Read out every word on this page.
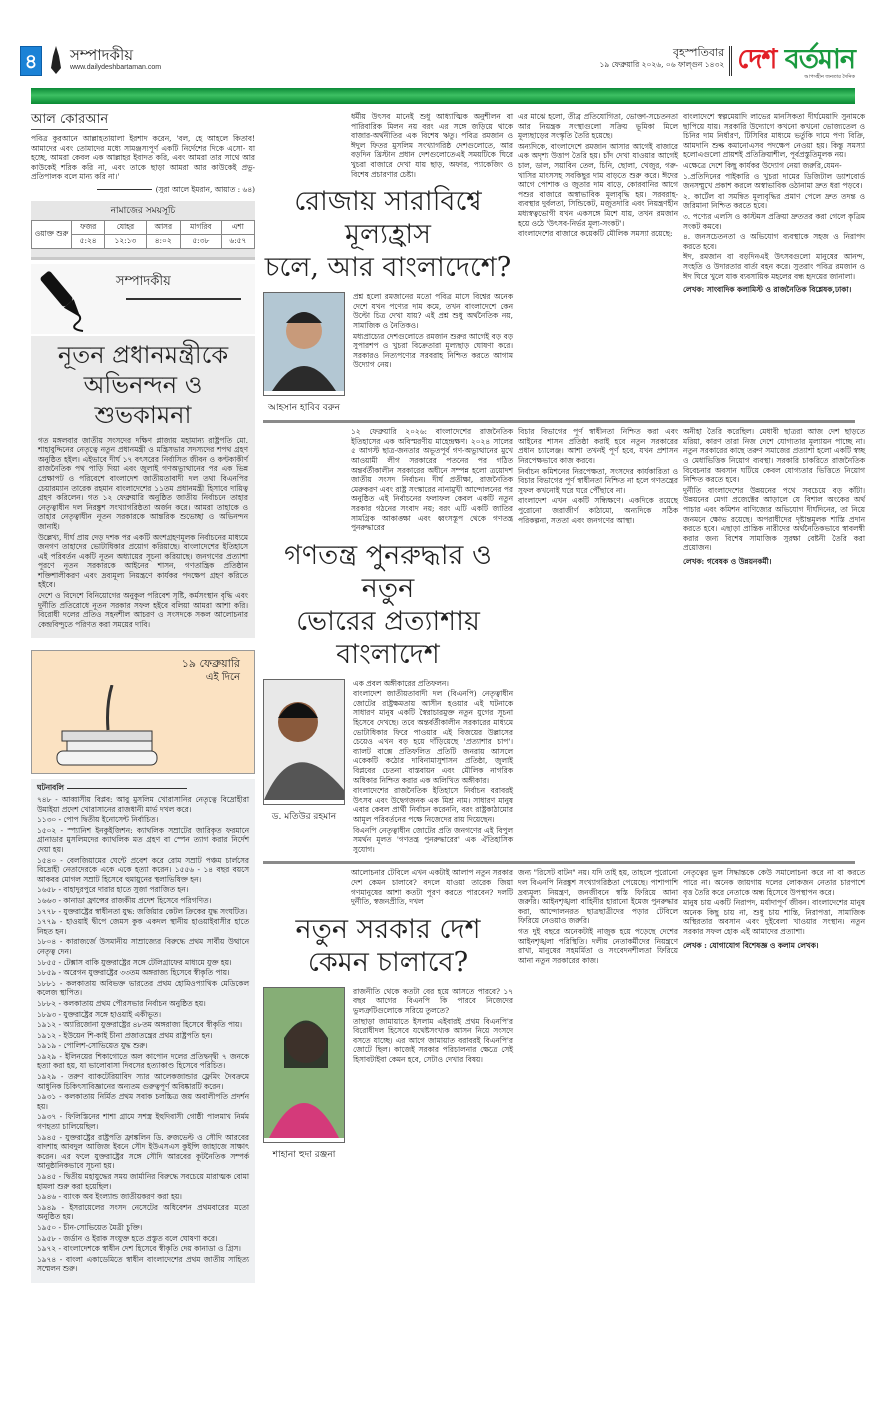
৪	সম্পাদকীয়
www.dailydeshbartaman.com
বৃহস্পতিবার
১৯ ফেব্রুয়ারি ২০২৬, ০৬ ফাল্গুন ১৪৩২ দেশ বর্তমান
আপসহীন জনতার দৈনিক
আল কোরআন
পবিত্র কুরআনে আল্লাহতায়ালা ইরশাদ করেন, 'বল, হে আহলে কিতাব! আমাদের এবং তোমাদের মধ্যে সামঞ্জস্যপূর্ণ একটি নির্দেশের দিকে এসো- যা হচ্ছে, আমরা কেবল এক আল্লাহর ইবাদত করি, এবং আমরা তার সাথে আর কাউকেই শরিক করি না, এবং তাকে ছাড়া আমরা আর কাউকেই প্রভু-প্রতিপালক বলে মান্য করি না।'
(সুরা আলে ইমরান, আয়াত : ৬৪)
নামাজের সময়সূচি
ওয়াক্ত শুরু	ফজর	যোহর	আসর	মাগরিব	এশা
	৫:২৪	১২:১৩	৪:০২	৫:৩৮	৬:৫৭
সম্পাদকীয়
নূতন প্রধানমন্ত্রীকে
অভিনন্দন ও শুভকামনা

গত মঙ্গলবার জাতীয় সংসদের দক্ষিণ প্লাজায় মহামান্য রাষ্ট্রপতি মো. শাহাবুদ্দিনের নেতৃত্বে নতুন প্রধানমন্ত্রী ও মন্ত্রিসভার সদস্যদের শপথ গ্রহণ অনুষ্ঠিত হইল। এইভাবে দীর্ঘ ১৭ বৎসরের নির্বাসিত জীবন ও কণ্টকাকীর্ণ রাজনৈতিক পথ পাড়ি দিয়া এবং জুলাই গণঅভ্যুত্থানের পর এক ভিন্ন প্রেক্ষাপট ও পরিবেশে বাংলাদেশ জাতীয়তাবাদী দল তথা বিএনপির চেয়ারম্যান তারেক রহমান বাংলাদেশের ১১তম প্রধানমন্ত্রী হিসাবে দায়িত্ব গ্রহণ করিলেন। গত ১২ ফেব্রুয়ারি অনুষ্ঠিত জাতীয় নির্বাচনে তাহার নেতৃত্বাধীন দল নিরঙ্কুশ সংখ্যাগরিষ্ঠতা অর্জন করে। আমরা তাহাকে ও তাহার নেতৃত্বাধীন নূতন সরকারকে আন্তরিক শুভেচ্ছা ও অভিনন্দন জানাই।

উল্লেখ্য, দীর্ঘ প্রায় দেড় দশক পর একটি অংশগ্রহণমূলক নির্বাচনের মাধ্যমে জনগণ তাহাদের ভোটাধিকার প্রয়োগ করিয়াছে। বাংলাদেশের ইতিহাসে এই পরিবর্তন একটি নূতন অধ্যায়ের সূচনা করিয়াছে। জনগণের প্রত্যাশা পূরণে নূতন সরকারকে আইনের শাসন, গণতান্ত্রিক প্রতিষ্ঠান শক্তিশালীকরণ এবং দ্রব্যমূল্য নিয়ন্ত্রণে কার্যকর পদক্ষেপ গ্রহণ করিতে হইবে।

দেশে ও বিদেশে বিনিয়োগের অনুকূল পরিবেশ সৃষ্টি, কর্মসংস্থান বৃদ্ধি এবং দুর্নীতি প্রতিরোধে নূতন সরকার সফল হইবে বলিয়া আমরা আশা করি। বিরোধী দলের প্রতিও সহনশীল আচরণ ও সংসদকে সকল আলোচনার কেন্দ্রবিন্দুতে পরিণত করা সময়ের দাবি।

১৯ ফেব্রুয়ারি
এই দিনে
ঘটনাবলি

৭৪৮ - আব্বাসীয় বিপ্লব: আবু মুসলিম খোরাসানির নেতৃত্বে বিদ্রোহীরা উমাইয়া প্রদেশ খোরাসানের রাজধানী মার্ভ দখল করে।

১১৩০ - পোপ দ্বিতীয় ইনোসেন্ট নির্বাচিত।

১৫০২ - স্প্যানিশ ইনকুইজিশন: ক্যাথলিক সম্রাটের জারিকৃত ফরমানে গ্রানাডার মুসলিমদের ক্যাথলিক মত গ্রহণ বা স্পেন ত্যাগ করার নির্দেশ দেয়া হয়।

১৫৪০ - বেলজিয়ামের ঘেন্টে প্রবেশ করে রোম সম্রাট পঞ্চম চার্লসের বিদ্রোহী নেতাদেরকে একে একে হত্যা করেন। ১৫৫৬ - ১৪ বছর বয়সে আকবর মোগল সম্রাট হিসেবে হুমায়ুনের স্থলাভিষিক্ত হন।

১৬৫৮ - বাহাদুরপুরে দারার হাতে সুজা পরাজিত হন।

১৬৬৩ - কানাডা ফ্রান্সের রাজকীয় প্রদেশ হিসেবে পরিগণিত।

১৭৭৮ - যুক্তরাষ্ট্রের স্বাধীনতা যুদ্ধ: জর্জিয়ার কেটল ক্রিকের যুদ্ধ সংঘটিত।

১৭৭৯ - হাওয়াই দ্বীপে জেমস কুক একদল স্থানীয় হাওয়াইবাসীর হাতে নিহত হন।

১৮০৪ - কারাজর্জে উসমানীয় সাম্রাজ্যের বিরুদ্ধে প্রথম সার্বীয় উত্থানে নেতৃত্ব দেন।

১৮৫৫ - টেক্সাস বাকি যুক্তরাষ্ট্রের সঙ্গে টেলিগ্রাফের মাধ্যমে যুক্ত হয়।

১৮৫৯ - অরেগন যুক্তরাষ্ট্রের ৩৩তম অঙ্গরাজ্য হিসেবে স্বীকৃতি পায়।

১৮৮১ - কলকাতায় অবিভক্ত ভারতের প্রথম হোমিওপ্যাথিক মেডিকেল কলেজ স্থাপিত।

১৮৮২ - কলকাতায় প্রথম পৌরসভার নির্বাচন অনুষ্ঠিত হয়।

১৮৯৩ - যুক্তরাষ্ট্রের সঙ্গে হাওয়াই একীভূত।

১৯১২ - অ্যারিজোনা যুক্তরাষ্ট্রের ৪৮তম অঙ্গরাজ্য হিসেবে স্বীকৃতি পায়।

১৯১২ - ইউয়েন শি-কাই চীনা প্রজাতন্ত্রের প্রথম রাষ্ট্রপতি হন।

১৯১৯ - পোলিশ-সোভিয়েত যুদ্ধ শুরু।

১৯২৯ - ইলিনয়ের শিকাগোতে অল কাপোন দলের প্রতিদ্বন্দ্বী ৭ জনকে হত্যা করা হয়, যা ভালোবাসা দিবসের হত্যাকাণ্ড হিসেবে পরিচিত।

১৯২৯ - তরুণ ব্যাকটেরিয়াবিদ স্যার আলেকজান্ডার ফ্লেমিং দৈবক্রমে আধুনিক চিকিৎসাবিজ্ঞানের অন্যতম গুরুত্বপূর্ণ অবিষ্কারটি করেন।

১৯৩১ - কলকাতায় নির্মিত প্রথম সবাক চলচ্চিত্র জয় অবালীপতি প্রদর্শন হয়।

১৯৩৭ - ফিলিস্তিনের শাশা গ্রামে সশস্ত্র ইহুদিবাসী গোষ্ঠী পালমাখ নির্মম গণহত্যা চালিয়েছিল।

১৯৪৫ - যুক্তরাষ্ট্রের রাষ্ট্রপতি ফ্রাঙ্কলিন ডি. রুজভেল্ট ও সৌদি আরবের বাদশাহ আবদুল আজিজ ইবনে সৌদ ইউএসএস কুইন্সি জাহাজে সাক্ষাৎ করেন। এর ফলে যুক্তরাষ্ট্রের সঙ্গে সৌদি আরবের কূটনৈতিক সম্পর্ক আনুষ্ঠানিকভাবে সূচনা হয়।

১৯৪৫ - দ্বিতীয় মহাযুদ্ধের সময় জার্মানির বিরুদ্ধে সবচেয়ে মারাত্মক বোমা হামলা শুরু করা হয়েছিল।

১৯৪৬ - ব্যাংক অব ইংল্যান্ড জাতীয়করণ করা হয়।

১৯৪৯ - ইসরায়েলের সংসদ নেসেটের অধিবেশন প্রথমবারের মতো অনুষ্ঠিত হয়।

১৯৫০ - চীন-সোভিয়েত মৈত্রী চুক্তি।

১৯৫৮ - জর্ডান ও ইরাক সংযুক্ত হতে প্রস্তুত বলে ঘোষণা করে।

১৯৭২ - বাংলাদেশকে স্বাধীন দেশ হিসেবে স্বীকৃতি দেয় কানাডা ও গ্রিস।

১৯৭৪ - বাংলা একাডেমিতে স্বাধীন বাংলাদেশের প্রথম জাতীয় সাহিত্য সম্মেলন শুরু।

ধর্মীয় উৎসব মানেই শুধু আধ্যাত্মিক অনুশীলন বা পারিবারিক মিলন নয় বরং এর সঙ্গে জড়িয়ে থাকে বাজার-অর্থনীতির এক বিশেষ ঋতু। পবিত্র রমজান ও ঈদুল ফিতর মুসলিম সংখ্যাগরিষ্ঠ দেশগুলোতে, আর বড়দিন খ্রিস্টান প্রধান দেশগুলোতেএই সময়টিকে ঘিরে খুচরা বাজারে দেখা যায় ছাড়, অফার, প্যাকেজিং ও বিশেষ প্রচারণার চেষ্টা।

রোজায় সারাবিশ্বে মূল্যহ্রাস
চলে, আর বাংলাদেশে?
আহসান হাবিব বরুন

প্রশ্ন হলো রমজানের মতো পবিত্র মাসে বিশ্বের অনেক দেশে যখন পণ্যের দাম কমে, তখন বাংলাদেশে কেন উল্টো চিত্র দেখা যায়? এই প্রশ্ন শুধু অর্থনৈতিক নয়, সামাজিক ও নৈতিকও।

মধ্যপ্রাচ্যের দেশগুলোতে রমজান শুরুর আগেই বড় বড় সুপারশপ ও খুচরা বিক্রেতারা মূল্যছাড় ঘোষণা করে। সরকারও নিত্যপণ্যের সরবরাহ নিশ্চিত করতে আগাম উদ্যোগ নেয়।

এর মাঝে হলো, তীব্র প্রতিযোগিতা, ভোক্তা-সচেতনতা আর নিয়ন্ত্রক সংস্থাগুলো সক্রিয় ভূমিকা মিলে মূল্যছাড়ের সংস্কৃতি তৈরি হয়েছে।

অন্যদিকে, বাংলাদেশে রমজান আসার আগেই বাজারে এক অদৃশ্য উত্তাপ তৈরি হয়। চাঁদ দেখা যাওয়ার আগেই চাল, ডাল, সয়াবিন তেল, চিনি, ছোলা, খেজুর, গরু-খাসির মাংসসহ সবকিছুর দাম বাড়তে শুরু করে। ঈদের আগে পোশাক ও জুতার দাম বাড়ে, কোরবানির আগে পশুর বাজারে অস্বাভাবিক মূল্যবৃদ্ধি হয়। সরবরাহ-ব্যবস্থার দুর্বলতা, সিন্ডিকেট, মজুতদারি এবং নিয়ন্ত্রণহীন মধ্যস্বত্বভোগী যখন একসঙ্গে মিশে যায়, তখন রমজান হয়ে ওঠে 'উৎসব-নির্ভর মূল্য-সংকট'।

বাংলাদেশের বাজারে কয়েকটি মৌলিক সমস্যা রয়েছে:

বাংলাদেশে স্বল্পমেয়াদি লাভের মানসিকতা দীর্ঘমেয়াদি সুনামকে ছাপিয়ে যায়। সরকারি উদ্যোগে কখনো কখনো ভোজ্যতেল ও চিনির দাম নির্ধারণ, টিসিবির মাধ্যমে ভর্তুকি দামে পণ্য বিক্রি, আমদানি শুল্ক কমানোএসব পদক্ষেপ নেওয়া হয়। কিন্তু সমস্যা হলোএগুলো প্রায়শই প্রতিক্রিয়াশীল, পূর্বপ্রস্তুতিমূলক নয়।

এক্ষেত্রে দেশে কিছু কার্যকর উদ্যোগ নেয়া জরুরি,যেমন-

১.প্রতিদিনের পাইকারি ও খুচরা দামের ডিজিটাল ড্যাশবোর্ড জনসম্মুখে প্রকাশ করলে অস্বাভাবিক ওঠানামা দ্রুত ধরা পড়বে।

২. কার্টেল বা সমন্বিত মূল্যবৃদ্ধির প্রমাণ পেলে দ্রুত তদন্ত ও জরিমানা নিশ্চিত করতে হবে।

৩. পণ্যের এলসি ও কাস্টমস প্রক্রিয়া দ্রুততর করা গেলে কৃত্রিম সংকট কমবে।

৪. জনসচেতনতা ও অভিযোগ ব্যবস্থাকে সহজ ও নিরাপদ করতে হবে।

ঈদ, রমজান বা বড়দিনএই উৎসবগুলো মানুষের আনন্দ, সংহতি ও উদারতার বার্তা বহন করে। সুতরাং পবিত্র রমজান ও ঈদ ঘিরে খুলে যাক ব্যবসায়িক মহলের বন্ধ হৃদয়ের জানালা।

লেখক: সাংবাদিক কলামিস্ট ও রাজনৈতিক বিশ্লেষক,ঢাকা।

১২ ফেব্রুয়ারি ২০২৬: বাংলাদেশের রাজনৈতিক ইতিহাসের এক অবিস্মরণীয় মাহেন্দ্রক্ষণ। ২০২৪ সালের ৫ আগস্ট ছাত্র-জনতার অভূতপূর্ব গণ-অভ্যুত্থানের মুখে আওয়ামী লীগ সরকারের পতনের পর গঠিত অন্তর্বর্তীকালীন সরকারের অধীনে সম্পন্ন হলো ত্রয়োদশ জাতীয় সংসদ নির্বাচন। দীর্ঘ প্রতীক্ষা, রাজনৈতিক মেরুকরণ এবং রাষ্ট্র সংস্কারের নানামুখী আন্দোলনের পর অনুষ্ঠিত এই নির্বাচনের ফলাফল কেবল একটি নতুন সরকার গঠনের সংবাদ নয়; বরং এটি একটি জাতির সামগ্রিক আকাঙ্ক্ষা এবং ধ্বংসস্তূপ থেকে গণতন্ত্র পুনরুদ্ধারের

গণতন্ত্র পুনরুদ্ধার ও নতুন
ভোরের প্রত্যাশায় বাংলাদেশ
ড. মতিউর রহমান

এক প্রবল অঙ্গীকারের প্রতিফলন।

বাংলাদেশ জাতীয়তাবাদী দল (বিএনপি) নেতৃত্বাধীন জোটের রাষ্ট্রক্ষমতায় আসীন হওয়ার এই ঘটনাকে সাধারণ মানুষ একটি স্বৈরাচারমুক্ত নতুন যুগের সূচনা হিসেবে দেখছে। তবে অন্তর্বর্তীকালীন সরকারের মাধ্যমে ভোটাধিকার ফিরে পাওয়ার এই বিজয়ের উল্লাসের চেয়েও এখন বড় হয়ে দাঁড়িয়েছে 'প্রত্যাশার চাপ'। ব্যালট বাক্সে প্রতিফলিত প্রতিটি জনরায় আসলে একেকটি কঠোর দাবিনামাসুশাসন প্রতিষ্ঠা, জুলাই বিপ্লবের চেতনা বাস্তবায়ন এবং মৌলিক নাগরিক অধিকার নিশ্চিত করার এক অলিখিত অঙ্গীকার।

বাংলাদেশের রাজনৈতিক ইতিহাসে নির্বাচন বরাবরই উৎসব এবং উদ্বেগজনক এক মিশ্র নাম। সাধারণ মানুষ এবার কেবল প্রার্থী নির্বাচন করেননি, বরং রাষ্ট্রকাঠামোর আমূল পরিবর্তনের পক্ষে নিজেদের রায় দিয়েছেন।

বিএনপি নেতৃত্বাধীন জোটের প্রতি জনগণের এই বিপুল সমর্থন মূলত 'গণতন্ত্র পুনরুদ্ধারের' এক ঐতিহাসিক সুযোগ।

বিচার বিভাগের পূর্ণ স্বাধীনতা নিশ্চিত করা এবং আইনের শাসন প্রতিষ্ঠা করাই হবে নতুন সরকারের প্রধান চ্যালেঞ্জ। আশা তখনই পূর্ণ হবে, যখন প্রশাসন নিরপেক্ষভাবে কাজ করবে।

নির্বাচন কমিশনের নিরপেক্ষতা, সংসদের কার্যকারিতা ও বিচার বিভাগের পূর্ণ স্বাধীনতা নিশ্চিত না হলে গণতন্ত্রের সুফল কখনোই ঘরে ঘরে পৌঁছাবে না।

বাংলাদেশ এখন একটি সন্ধিক্ষণে। একদিকে রয়েছে পুরোনো জরাজীর্ণ কাঠামো, অন্যদিকে সঠিক পরিকল্পনা, সততা এবং জনগণের আস্থা।

অনীহা তৈরি করেছিল। মেধাবী ছাত্ররা আজ দেশ ছাড়তে মরিয়া, কারণ তারা নিজ দেশে যোগ্যতার মূল্যায়ন পাচ্ছে না। নতুন সরকারের কাছে তরুণ সমাজের প্রত্যাশা হলো একটি স্বচ্ছ ও মেধাভিত্তিক নিয়োগ ব্যবস্থা। সরকারি চাকরিতে রাজনৈতিক বিবেচনার অবসান ঘটিয়ে কেবল যোগ্যতার ভিত্তিতে নিয়োগ নিশ্চিত করতে হবে।

দুর্নীতি বাংলাদেশের উন্নয়নের পথে সবচেয়ে বড় কাঁটা। উন্নয়নের মেগা প্রজেক্টের আড়ালে যে বিশাল অংকের অর্থ পাচার এবং কমিশন বাণিজ্যের অভিযোগ দীর্ঘদিনের, তা নিয়ে জনমনে ক্ষোভ রয়েছে। অপরাধীদের দৃষ্টান্তমূলক শাস্তি প্রদান করতে হবে। এছাড়া প্রান্তিক নারীদের অর্থনৈতিকভাবে স্বাবলম্বী করার জন্য বিশেষ সামাজিক সুরক্ষা বেষ্টনী তৈরি করা প্রয়োজন।

লেখক: গবেষক ও উন্নয়নকর্মী।

আলোচনার টেবিলে এখন একটাই আলাপ নতুন সরকার দেশ কেমন চালাবে? বদলে যাওয়া তারেক জিয়া গণমানুষের আশা কতটা পূরণ করতে পারবেন? দলটি দুর্নীতি, স্বজনপ্রীতি, দখল

নতুন সরকার দেশ
কেমন চালাবে?
শাহানা হুদা রঞ্জনা

রাজনীতি থেকে কতটা বের হয়ে আসতে পারবে? ১৭ বছর আগের বিএনপি কি পারবে নিজেদের ভুলত্রুটিগুলোকে সরিয়ে তুলতে?

তাছাড়া জামায়াতে ইসলাম এইবারই প্রথম বিএনপি'র বিরোধীদল হিসেবে যথেষ্টসংখ্যক আসন নিয়ে সংসদে বসতে যাচ্ছে। এর আগে জামায়াত বরাবরই বিএনপি'র জোটে ছিল। কাজেই সরকার পরিচালনার ক্ষেত্রে সেই হিসাবটাইবা কেমন হবে, সেটাও দেখার বিষয়।

জন্য "রিসেট বাটন" নয়। যদি তাই হয়, তাহলে পুরোনো দল বিএনপি নিরঙ্কুশ সংখ্যাগরিষ্ঠতা পেয়েছে। পাশাপাশি দ্রব্যমূল্য নিয়ন্ত্রণ, জনজীবনে স্বস্তি ফিরিয়ে আনা জরুরি। আইনশৃঙ্খলা বাহিনীর হারানো ইমেজ পুনরুদ্ধার করা, আন্দোলনরত ছাত্রছাত্রীদের পড়ার টেবিলে ফিরিয়ে নেওয়াও জরুরি।

গত দুই বছরে অনেকটাই নাজুক হয়ে পড়েছে দেশের আইনশৃঙ্খলা পরিস্থিতি। দলীয় নেতাকর্মীদের নিয়ন্ত্রণে রাখা, মানুষের সহমর্মিতা ও সংবেদনশীলতা ফিরিয়ে আনা নতুন সরকারের কাজ।

নেতৃত্বের ভুল সিদ্ধান্তকে কেউ সমালোচনা করে না বা করতে পারে না। অনেক জায়গায় দলের লোকজন নেতার চারপাশে বৃত্ত তৈরি করে নেতাকে অন্ধ হিসেবে উপস্থাপন করে।

মানুষ চায় একটি নিরাপদ, মর্যাদাপূর্ণ জীবন। বাংলাদেশের মানুষ অনেক কিছু চায় না, শুধু চায় শান্তি, নিরাপত্তা, সামাজিক অস্থিরতার অবসান এবং দুইবেলা খাওয়ার সংস্থান। নতুন সরকার সফল হোক এই আমাদের প্রত্যাশা।

লেখক : যোগাযোগ বিশেষজ্ঞ ও কলাম লেখক।
